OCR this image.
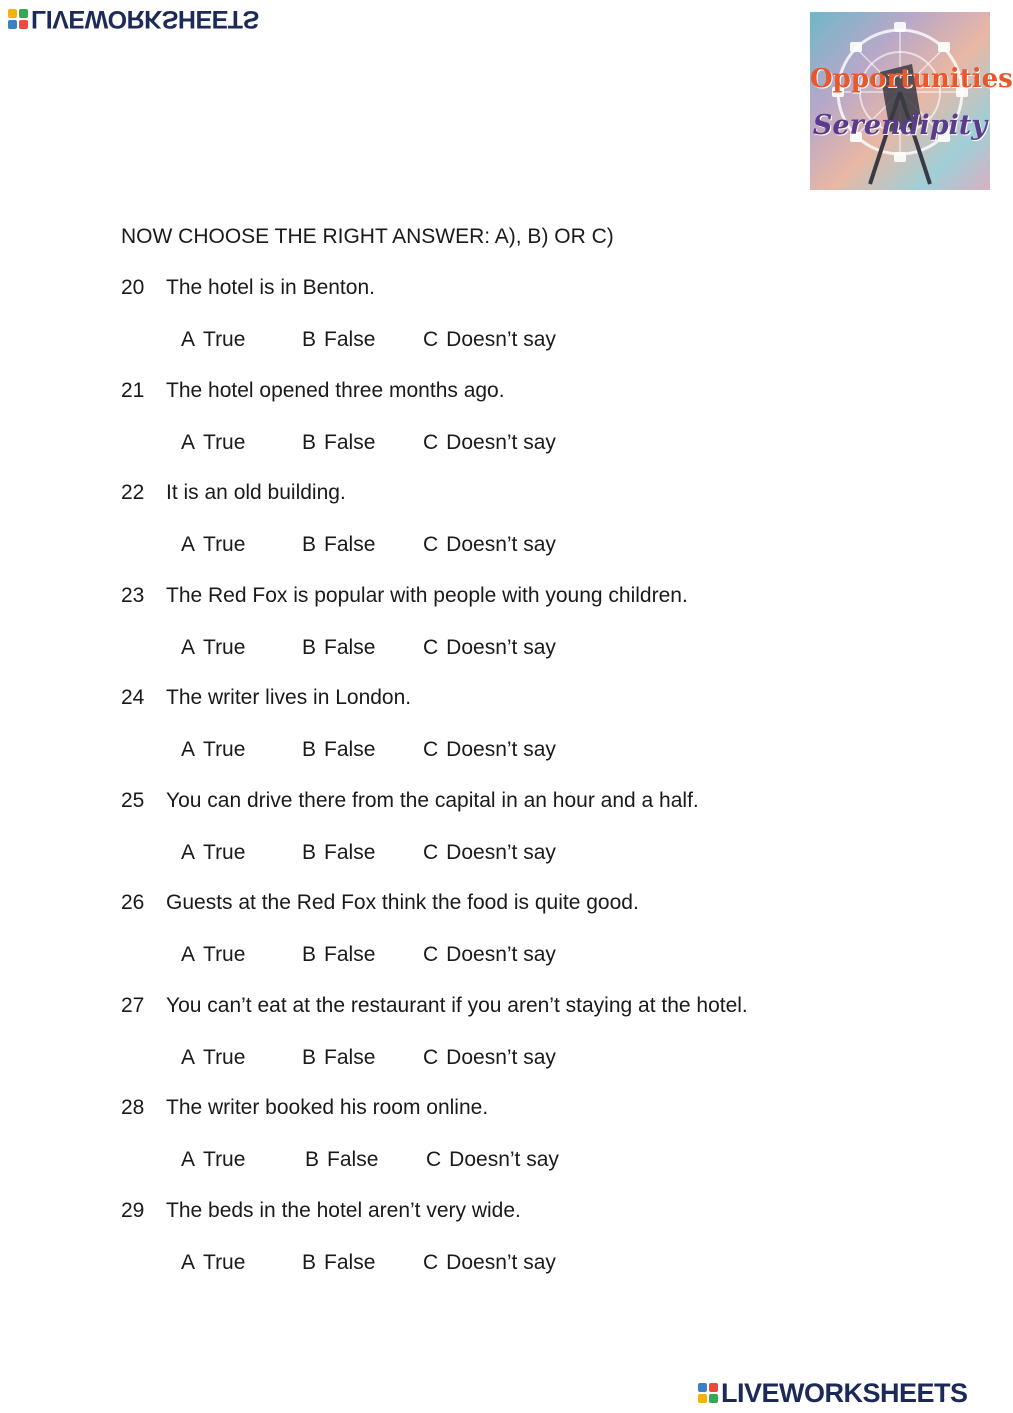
LIVEWORKSHEETS
Opportunities
Serendipity
NOW CHOOSE THE RIGHT ANSWER: A), B) OR C)
20 The hotel is in Benton.
A True	B False C Doesn’t say
21 The hotel opened three months ago.
A True	B False C Doesn’t say
22 It is an old building.
A True	B False C Doesn’t say
23 The Red Fox is popular with people with young children.
A True	B False C Doesn’t say
24 The writer lives in London.
A True	B False C Doesn’t say
25 You can drive there from the capital in an hour and a half.
A True	B False C Doesn’t say
26 Guests at the Red Fox think the food is quite good.
A True	B False C Doesn’t say
27 You can’t eat at the restaurant if you aren’t staying at the hotel.
A True	B False C Doesn’t say
28 The writer booked his room online.
A True	B False C Doesn’t say
29 The beds in the hotel aren’t very wide.
A True	B False C Doesn’t say
LIVEWORKSHEETS
